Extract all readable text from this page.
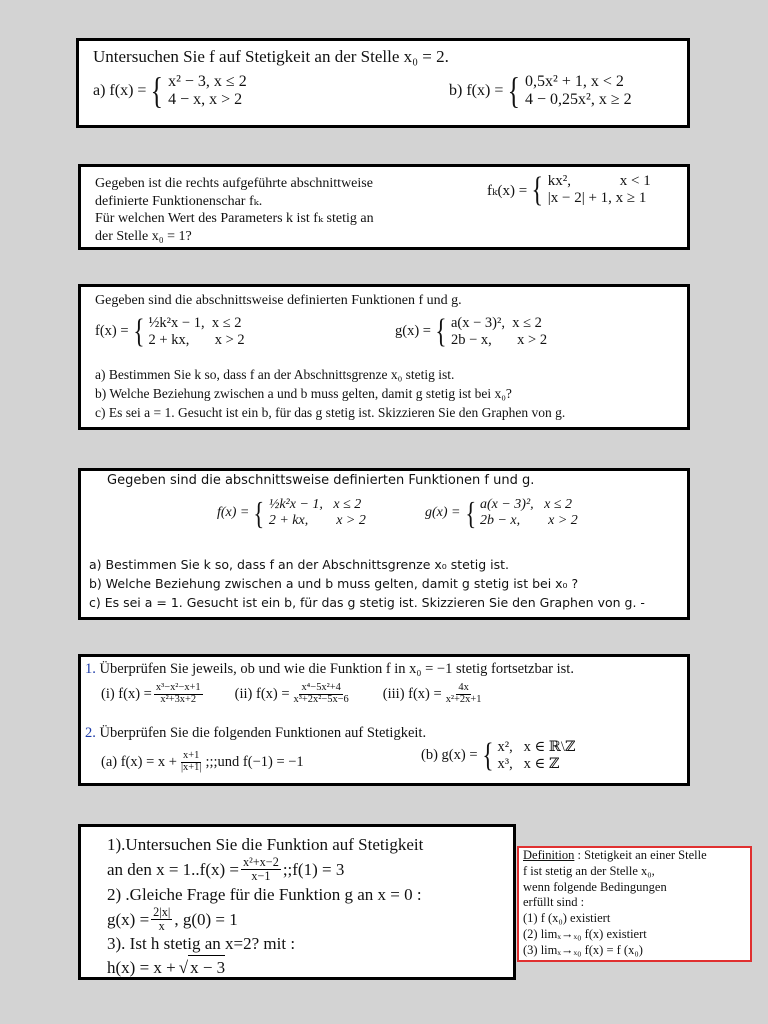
Untersuchen Sie f auf Stetigkeit an der Stelle x₀ = 2.
a) f(x) = { x² − 3, x ≤ 2
4 − x, x > 2
b) f(x) = { 0,5x² + 1, x < 2
4 − 0,25x², x ≥ 2
Gegeben ist die rechts aufgeführte abschnittweise
definierte Funktionenschar fₖ.
Für welchen Wert des Parameters k ist fₖ stetig an
der Stelle x₀ = 1?
fₖ(x) = { kx²,             x < 1
|x − 2| + 1, x ≥ 1
Gegeben sind die abschnittsweise definierten Funktionen f und g.
f(x) = { ½k²x − 1,  x ≤ 2
2 + kx,       x > 2
g(x) = { a(x − 3)²,  x ≤ 2
2b − x,       x > 2
a) Bestimmen Sie k so, dass f an der Abschnittsgrenze x₀ stetig ist.
b) Welche Beziehung zwischen a und b muss gelten, damit g stetig ist bei x₀?
c) Es sei a = 1. Gesucht ist ein b, für das g stetig ist. Skizzieren Sie den Graphen von g.
Gegeben sind die abschnittsweise definierten Funktionen f und g.
f(x) = { ½k²x − 1,   x ≤ 2
2 + kx,        x > 2
g(x) = { a(x − 3)²,   x ≤ 2
2b − x,        x > 2
a) Bestimmen Sie k so, dass f an der Abschnittsgrenze x₀ stetig ist.
b) Welche Beziehung zwischen a und b muss gelten, damit g stetig ist bei x₀ ?
c) Es sei a = 1. Gesucht ist ein b, für das g stetig ist. Skizzieren Sie den Graphen von g. -
1. Überprüfen Sie jeweils, ob und wie die Funktion f in x₀ = −1 stetig fortsetzbar ist.
(i) $f(x) = \frac{\text{x³−x²−x+1}}{\text{x²+3x+2}} (ii) f(x) = \frac{\text{x⁴−5x²+4}}{\text{x³+2x²−5x−6}} (iii) f(x) = \frac{4x}{\text{x²+2x+1}}$
2. Überprüfen Sie die folgenden Funktionen auf Stetigkeit.
(a) $f(x) = x + \frac{x+1}{|x+1|}$ ;;;und f(−1) = −1	(b) g(x) = { x²,   x ∈ ℝ\ℤ
x³,   x ∈ ℤ
1).Untersuchen Sie die Funktion auf Stetigkeit
an den $x = 1..f(x) = \frac{\text{x²+x−2}}{x-1}$ ;;f(1) = 3
2) .Gleiche Frage für die Funktion g an x = 0 :
$g(x) = \frac{2|x|}{x}$ , g(0) = 1
3). Ist h stetig an x=2? mit :
h(x) = x + √ x − 3
Definition : Stetigkeit an einer Stelle
f ist stetig an der Stelle x₀,
wenn folgende Bedingungen
erfüllt sind :
(1) f (x₀) existiert
(2) limₓ→ₓ₀ f(x) existiert
(3) limₓ→ₓ₀ f(x) = f (x₀)
